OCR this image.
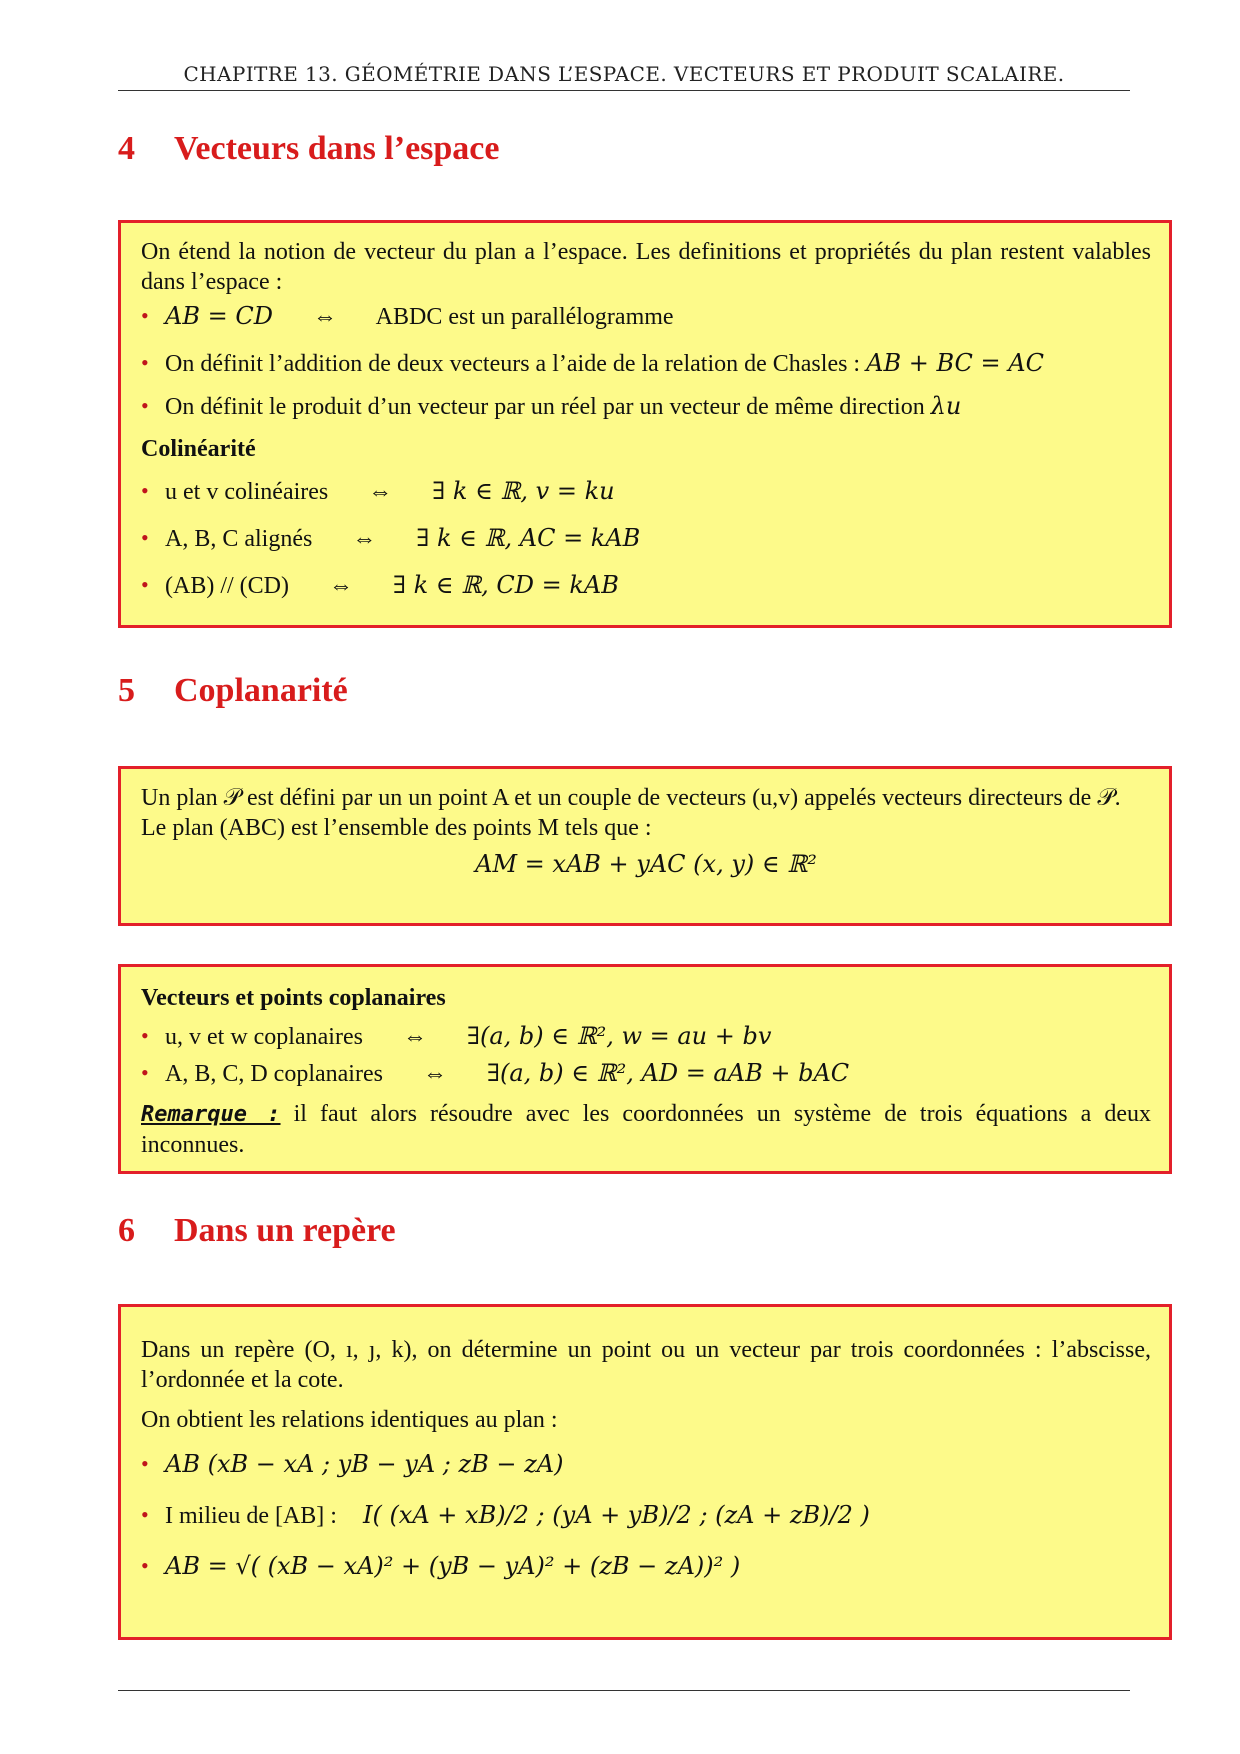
CHAPITRE 13. GÉOMÉTRIE DANS L’ESPACE. VECTEURS ET PRODUIT SCALAIRE.
4 Vecteurs dans l’espace

On étend la notion de vecteur du plan a l’espace. Les definitions et propriétés du plan restent valables dans l’espace :

• AB = CD ⇔ ABDC est un parallélogramme
• On définit l’addition de deux vecteurs a l’aide de la relation de Chasles : AB + BC = AC
• On définit le produit d’un vecteur par un réel par un vecteur de même direction λu

Colinéarité

• u et v colinéaires ⇔ ∃ k ∈ ℝ, v = ku
• A, B, C alignés ⇔ ∃ k ∈ ℝ, AC = kAB
• (AB) // (CD) ⇔ ∃ k ∈ ℝ, CD = kAB
5 Coplanarité

Un plan 𝒫 est défini par un un point A et un couple de vecteurs (u,v) appelés vecteurs directeurs de 𝒫.

Le plan (ABC) est l’ensemble des points M tels que :

AM = xAB + yAC (x, y) ∈ ℝ²

Vecteurs et points coplanaires

• u, v et w coplanaires ⇔ ∃(a, b) ∈ ℝ², w = au + bv
• A, B, C, D coplanaires ⇔ ∃(a, b) ∈ ℝ², AD = aAB + bAC

Remarque : il faut alors résoudre avec les coordonnées un système de trois équations a deux inconnues.

6 Dans un repère

Dans un repère (O, ı, ȷ, k), on détermine un point ou un vecteur par trois coordonnées : l’abscisse, l’ordonnée et la cote.

On obtient les relations identiques au plan :

• AB (xB − xA ; yB − yA ; zB − zA)
• I milieu de [AB] : I( (xA + xB)/2 ; (yA + yB)/2 ; (zA + zB)/2 )
• AB = √( (xB − xA)² + (yB − yA)² + (zB − zA))² )
